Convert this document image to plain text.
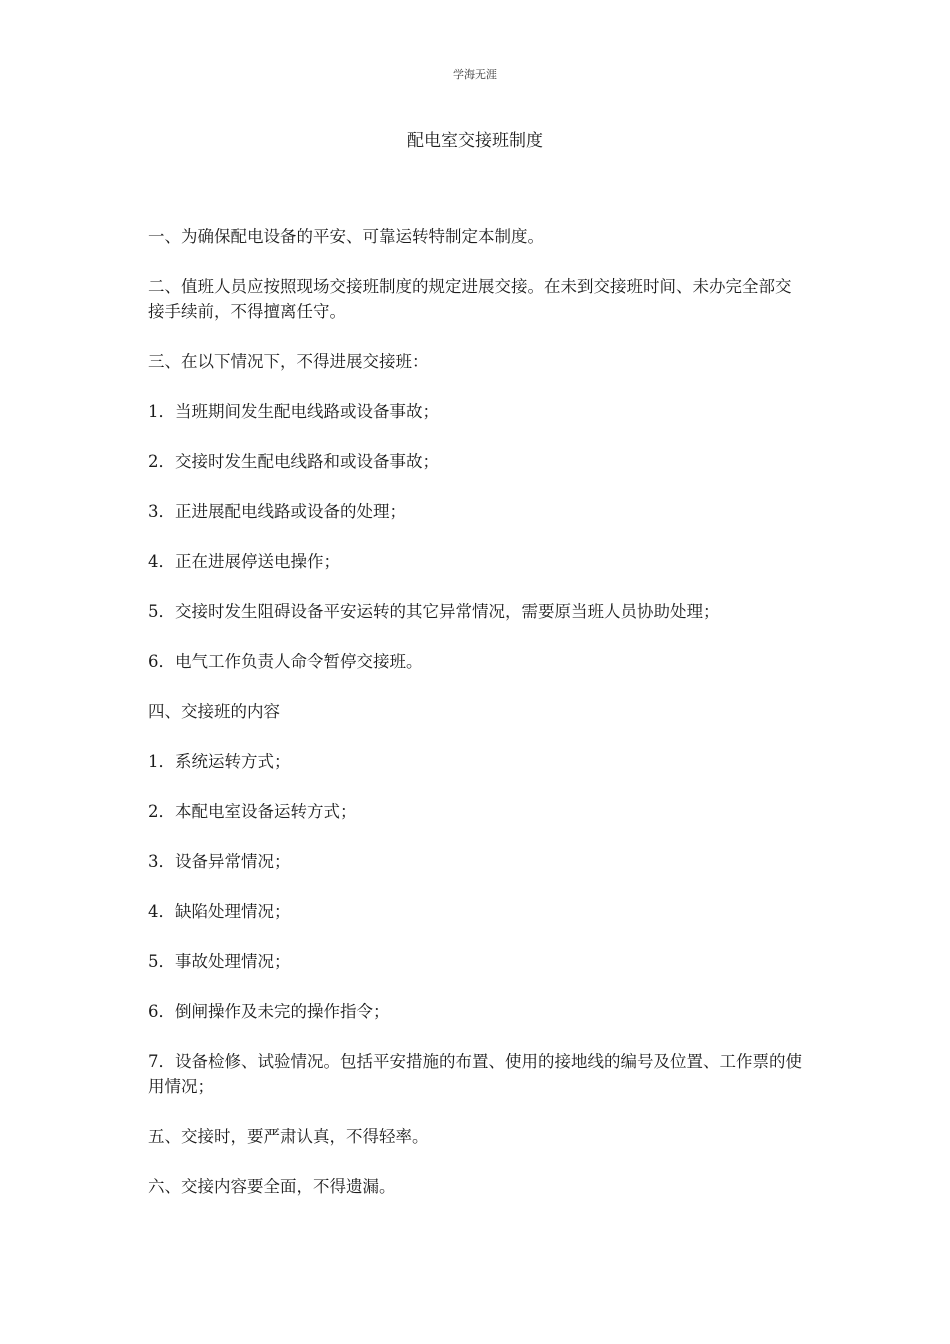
学海无涯
配电室交接班制度

一、为确保配电设备的平安、可靠运转特制定本制度。

二、值班人员应按照现场交接班制度的规定进展交接。在未到交接班时间、未办完全部交接手续前，不得擅离任守。

三、在以下情况下，不得进展交接班：

1．当班期间发生配电线路或设备事故；

2．交接时发生配电线路和或设备事故；

3．正进展配电线路或设备的处理；

4．正在进展停送电操作；

5．交接时发生阻碍设备平安运转的其它异常情况，需要原当班人员协助处理；

6．电气工作负责人命令暂停交接班。

四、交接班的内容

1．系统运转方式；

2．本配电室设备运转方式；

3．设备异常情况；

4．缺陷处理情况；

5．事故处理情况；

6．倒闸操作及未完的操作指令；

7．设备检修、试验情况。包括平安措施的布置、使用的接地线的编号及位置、工作票的使用情况；

五、交接时，要严肃认真，不得轻率。

六、交接内容要全面，不得遗漏。
